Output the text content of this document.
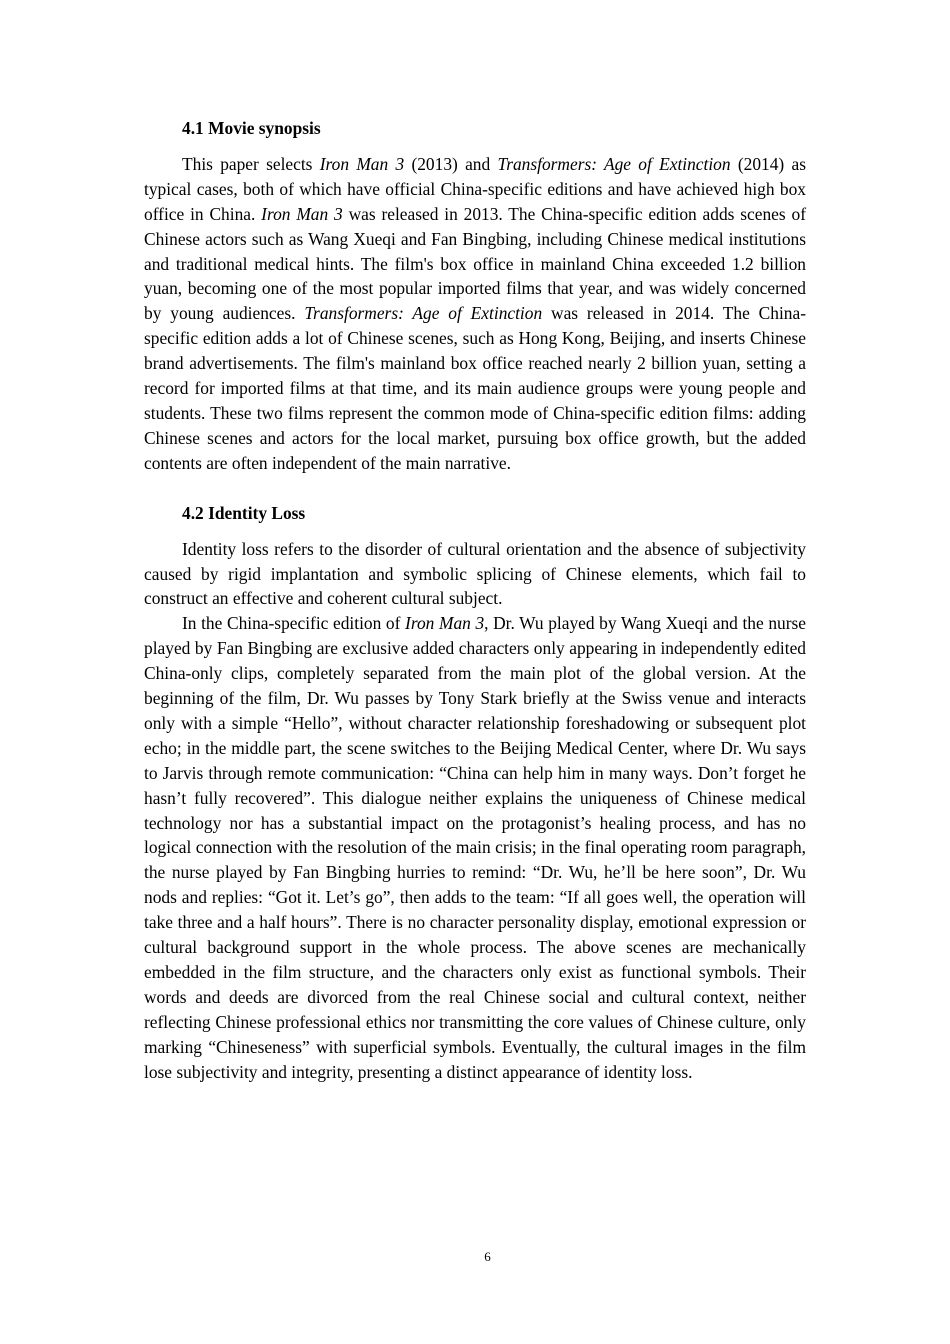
4.1 Movie synopsis

This paper selects Iron Man 3 (2013) and Transformers: Age of Extinction (2014) as typical cases, both of which have official China-specific editions and have achieved high box office in China. Iron Man 3 was released in 2013. The China-specific edition adds scenes of Chinese actors such as Wang Xueqi and Fan Bingbing, including Chinese medical institutions and traditional medical hints. The film's box office in mainland China exceeded 1.2 billion yuan, becoming one of the most popular imported films that year, and was widely concerned by young audiences. Transformers: Age of Extinction was released in 2014. The China-specific edition adds a lot of Chinese scenes, such as Hong Kong, Beijing, and inserts Chinese brand advertisements. The film's mainland box office reached nearly 2 billion yuan, setting a record for imported films at that time, and its main audience groups were young people and students. These two films represent the common mode of China-specific edition films: adding Chinese scenes and actors for the local market, pursuing box office growth, but the added contents are often independent of the main narrative.

4.2 Identity Loss

Identity loss refers to the disorder of cultural orientation and the absence of subjectivity caused by rigid implantation and symbolic splicing of Chinese elements, which fail to construct an effective and coherent cultural subject.

In the China-specific edition of Iron Man 3, Dr. Wu played by Wang Xueqi and the nurse played by Fan Bingbing are exclusive added characters only appearing in independently edited China-only clips, completely separated from the main plot of the global version. At the beginning of the film, Dr. Wu passes by Tony Stark briefly at the Swiss venue and interacts only with a simple “Hello”, without character relationship foreshadowing or subsequent plot echo; in the middle part, the scene switches to the Beijing Medical Center, where Dr. Wu says to Jarvis through remote communication: “China can help him in many ways. Don’t forget he hasn’t fully recovered”. This dialogue neither explains the uniqueness of Chinese medical technology nor has a substantial impact on the protagonist’s healing process, and has no logical connection with the resolution of the main crisis; in the final operating room paragraph, the nurse played by Fan Bingbing hurries to remind: “Dr. Wu, he’ll be here soon”, Dr. Wu nods and replies: “Got it. Let’s go”, then adds to the team: “If all goes well, the operation will take three and a half hours”. There is no character personality display, emotional expression or cultural background support in the whole process. The above scenes are mechanically embedded in the film structure, and the characters only exist as functional symbols. Their words and deeds are divorced from the real Chinese social and cultural context, neither reflecting Chinese professional ethics nor transmitting the core values of Chinese culture, only marking “Chineseness” with superficial symbols. Eventually, the cultural images in the film lose subjectivity and integrity, presenting a distinct appearance of identity loss.

6
